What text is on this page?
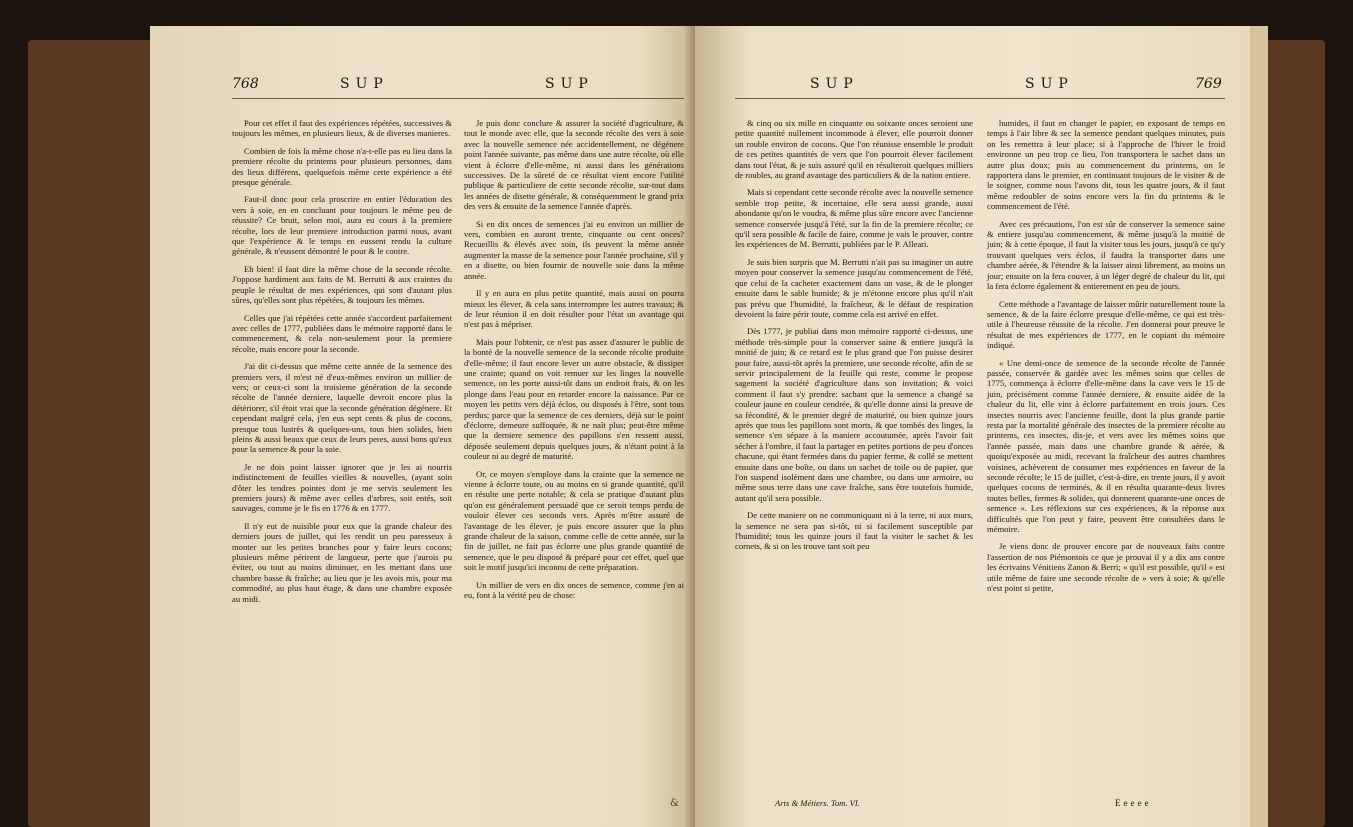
768	SUP	SUP

Pour cet effet il faut des expériences répétées, successives & toujours les mêmes, en plusieurs lieux, & de diverses manieres.

Combien de fois la même chose n'a-t-elle pas eu lieu dans la premiere récolte du printems pour plusieurs personnes, dans des lieux différens, quelquefois même cette expérience a été presque générale.

Faut-il donc pour cela proscrire en entier l'éducation des vers à soie, en en concluant pour toujours le même peu de réussite? Ce bruit, selon moi, aura eu cours à la premiere récolte, lors de leur premiere introduction parmi nous, avant que l'expérience & le temps en eussent rendu la culture générale, & n'eussent démontré le pour & le contre.

Eh bien! il faut dire la même chose de la seconde récolte. J'oppose hardiment aux faits de M. Berrutti & aux craintes du peuple le résultat de mes expériences, qui sont d'autant plus sûres, qu'elles sont plus répétées, & toujours les mêmes.

Celles que j'ai répétées cette année s'accordent parfaitement avec celles de 1777, publiées dans le mémoire rapporté dans le commencement, & cela non-seulement pour la premiere récolte, mais encore pour la seconde.

J'ai dit ci-dessus que même cette année de la semence des premiers vers, il m'est né d'eux-mêmes environ un millier de vers; or ceux-ci sont la troisieme génération de la seconde récolte de l'année derniere, laquelle devroit encore plus la détériorer, s'il étoit vrai que la seconde génération dégénere. Et cependant malgré cela, j'en eus sept cents & plus de cocons, presque tous lustrés & quelques-uns, tous bien solides, bien pleins & aussi beaux que ceux de leurs peres, aussi bons qu'eux pour la semence & pour la soie.

Je ne dois point laisser ignorer que je les ai nourris indistinctement de feuilles vieilles & nouvelles, (ayant soin d'ôter les tendres pointes dont je me servis seulement les premiers jours) & même avec celles d'arbres, soit entés, soit sauvages, comme je le fis en 1776 & en 1777.

Il n'y eut de nuisible pour eux que la grande chaleur des derniers jours de juillet, qui les rendit un peu paresseux à monter sur les petites branches pour y faire leurs cocons; plusieurs même périrent de langueur, perte que j'aurois pu éviter, ou tout au moins diminuer, en les mettant dans une chambre basse & fraîche; au lieu que je les avois mis, pour ma commodité, au plus haut étage, & dans une chambre exposée au midi.

Je puis donc conclure & assurer la société d'agriculture, & tout le monde avec elle, que la seconde récolte des vers à soie avec la nouvelle semence née accidentellement, ne dégénere point l'année suivante, pas même dans une autre récolte, où elle vient à éclorre d'elle-même, ni aussi dans les générations successives. De la sûreté de ce résultat vient encore l'utilité publique & particuliere de cette seconde récolte, sur-tout dans les années de disette générale, & conséquemment le grand prix des vers & ensuite de la semence l'année d'après.

Si en dix onces de semences j'ai eu environ un millier de vers, combien en auront trente, cinquante ou cent onces? Recueillis & élevés avec soin, ils peuvent la même année augmenter la masse de la semence pour l'année prochaine, s'il y en a disette, ou bien fournir de nouvelle soie dans la même année.

Il y en aura en plus petite quantité, mais aussi on pourra mieux les élever, & cela sans interrompre les autres travaux; & de leur réunion il en doit résulter pour l'état un avantage qui n'est pas à mépriser.

Mais pour l'obtenir, ce n'est pas assez d'assurer le public de la bonté de la nouvelle semence de la seconde récolte produite d'elle-même; il faut encore lever un autre obstacle, & dissiper une crainte; quand on voit remuer sur les linges la nouvelle semence, on les porte aussi-tôt dans un endroit frais, & on les plonge dans l'eau pour en retarder encore la naissance. Par ce moyen les petits vers déjà éclos, ou disposés à l'être, sont tous perdus; parce que la semence de ces derniers, déjà sur le point d'éclorre, demeure suffoquée, & ne naît plus; peut-être même que la derniere semence des papillons s'en ressent aussi, déposée seulement depuis quelques jours, & n'étant point à la couleur ni au degré de maturité.

Or, ce moyen s'employe dans la crainte que la semence ne vienne à éclorre toute, ou au moins en si grande quantité, qu'il en résulte une perte notable; & cela se pratique d'autant plus qu'on est généralement persuadé que ce seroit temps perdu de vouloir élever ces seconds vers. Après m'être assuré de l'avantage de les élever, je puis encore assurer que la plus grande chaleur de la saison, comme celle de cette année, sur la fin de juillet, ne fait pas éclorre une plus grande quantité de semence, que le peu disposé & préparé pour cet effet, quel que soit le motif jusqu'ici inconnu de cette préparation.

Un millier de vers en dix onces de semence, comme j'en ai eu, font à la vérité peu de chose:

&
SUP	SUP	769

& cinq ou six mille en cinquante ou soixante onces seroient une petite quantité nullement incommode à élever, elle pourroit donner un rouble environ de cocons. Que l'on réunisse ensemble le produit de ces petites quantités de vers que l'on pourroit élever facilement dans tout l'état, & je suis assuré qu'il en résulteroit quelques milliers de roubles, au grand avantage des particuliers & de la nation entiere.

Mais si cependant cette seconde récolte avec la nouvelle semence semble trop petite, & incertaine, elle sera aussi grande, aussi abondante qu'on le voudra, & même plus sûre encore avec l'ancienne semence conservée jusqu'à l'été, sur la fin de la premiere récolte; ce qu'il sera possible & facile de faire, comme je vais le prouver, contre les expériences de M. Berrutti, publiées par le P. Alleari.

Je suis bien surpris que M. Berrutti n'ait pas su imaginer un autre moyen pour conserver la semence jusqu'au commencement de l'été, que celui de la cacheter exactement dans un vase, & de le plonger ensuite dans le sable humide; & je m'étonne encore plus qu'il n'ait pas prévu que l'humidité, la fraîcheur, & le défaut de respiration devoient la faire périr toute, comme cela est arrivé en effet.

Dès 1777, je publiai dans mon mémoire rapporté ci-dessus, une méthode très-simple pour la conserver saine & entiere jusqu'à la moitié de juin; & ce retard est le plus grand que l'on puisse desirer pour faire, aussi-tôt après la premiere, une seconde récolte, afin de se servir principalement de la feuille qui reste, comme le propose sagement la société d'agriculture dans son invitation; & voici comment il faut s'y prendre: sachant que la semence a changé sa couleur jaune en couleur cendrée, & qu'elle donne ainsi la preuve de sa fécondité, & le premier degré de maturité, ou bien quinze jours après que tous les papillons sont morts, & que tombés des linges, la semence s'en sépare à la maniere accoutumée, après l'avoir fait sécher à l'ombre, il faut la partager en petites portions de peu d'onces chacune, qui étant fermées dans du papier ferme, & collé se mettent ensuite dans une boîte, ou dans un sachet de toile ou de papier, que l'on suspend isolément dans une chambre, ou dans une armoire, ou même sous terre dans une cave fraîche, sans être toutefois humide, autant qu'il sera possible.

De cette maniere on ne communiquant ni à la terre, ni aux murs, la semence ne sera pas si-tôt, ni si facilement susceptible par l'humidité; tous les quinze jours il faut la visiter le sachet & les cornets, & si on les trouve tant soit peu

humides, il faut en changer le papier, en exposant de temps en temps à l'air libre & sec la semence pendant quelques minutes, puis on les remettra à leur place; si à l'approche de l'hiver le froid environne un peu trop ce lieu, l'on transportera le sachet dans un autre plus doux; puis au commencement du printems, on le rapportera dans le premier, en continuant toujours de le visiter & de le soigner, comme nous l'avons dit, tous les quatre jours, & il faut même redoubler de soins encore vers la fin du printems & le commencement de l'été.

Avec ces précautions, l'on est sûr de conserver la semence saine & entiere jusqu'au commencement, & même jusqu'à la moitié de juin; & à cette époque, il faut la visiter tous les jours, jusqu'à ce qu'y trouvant quelques vers éclos, il faudra la transporter dans une chambre aérée, & l'étendre & la laisser ainsi librement, au moins un jour; ensuite on la fera couver, à un léger degré de chaleur du lit, qui la fera éclorre également & entierement en peu de jours.

Cette méthode a l'avantage de laisser mûrir naturellement toute la semence, & de la faire éclorre presque d'elle-même, ce qui est très-utile à l'heureuse réussite de la récolte. J'en donnerai pour preuve le résultat de mes expériences de 1777, en le copiant du mémoire indiqué.

« Une demi-once de semence de la seconde récolte de l'année passée, conservée & gardée avec les mêmes soins que celles de 1775, commença à éclorre d'elle-même dans la cave vers le 15 de juin, précisément comme l'année derniere, & ensuite aidée de la chaleur du lit, elle vint à éclorre parfaitement en trois jours. Ces insectes nourris avec l'ancienne feuille, dont la plus grande partie resta par la mortalité générale des insectes de la premiere récolte au printems, ces insectes, dis-je, et vers avec les mêmes soins que l'année passée, mais dans une chambre grande & aérée, & quoiqu'exposée au midi, recevant la fraîcheur des autres chambres voisines, achèverent de consumer mes expériences en faveur de la seconde récolte; le 15 de juillet, c'est-à-dire, en trente jours, il y avoit quelques cocons de terminés, & il en résulta quarante-deux livres toutes belles, fermes & solides, qui donnerent quarante-une onces de semence ». Les réflexions sur ces expériences, & la réponse aux difficultés que l'on peut y faire, peuvent être consultées dans le mémoire.

Je viens donc de prouver encore par de nouveaux faits contre l'assertion de nos Piémontois ce que je prouvai il y a dix ans contre les écrivains Vénitiens Zanon & Berri; « qu'il est possible, qu'il » est utile même de faire une seconde récolte de » vers à soie; & qu'elle n'est point si petite,

Arts & Métiers. Tom. VI.	Eeeee
